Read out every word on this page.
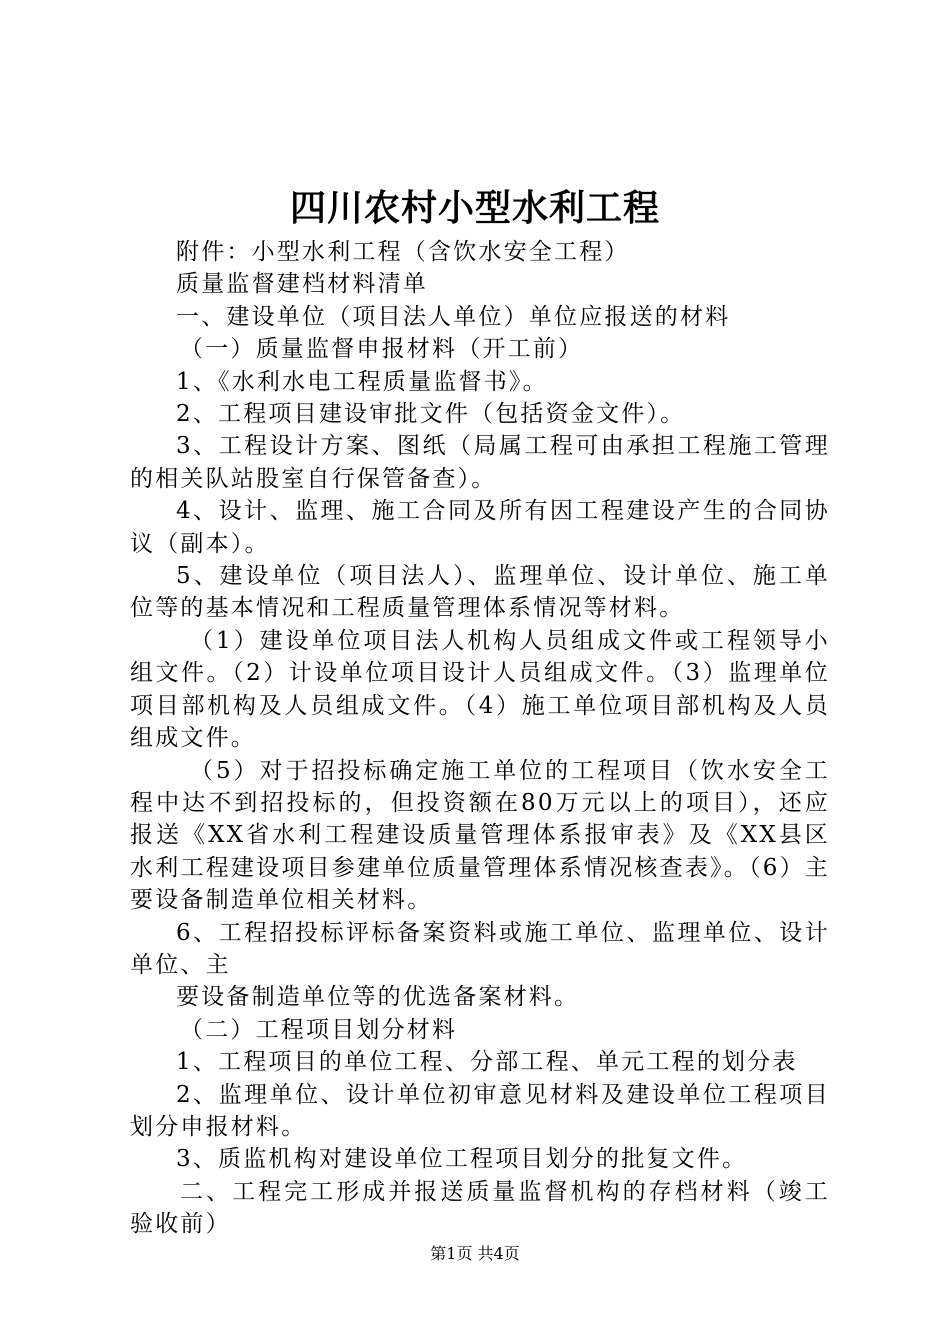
四川农村小型水利工程

附件：小型水利工程（含饮水安全工程）

质量监督建档材料清单

一、建设单位（项目法人单位）单位应报送的材料

（一）质量监督申报材料（开工前）

1、《水利水电工程质量监督书》。

2、工程项目建设审批文件（包括资金文件）。

3、工程设计方案、图纸（局属工程可由承担工程施工管理的相关队站股室自行保管备查）。

4、设计、监理、施工合同及所有因工程建设产生的合同协议（副本）。

5、建设单位（项目法人）、监理单位、设计单位、施工单位等的基本情况和工程质量管理体系情况等材料。

（1）建设单位项目法人机构人员组成文件或工程领导小组文件。（2）计设单位项目设计人员组成文件。（3）监理单位项目部机构及人员组成文件。（4）施工单位项目部机构及人员组成文件。

（5）对于招投标确定施工单位的工程项目（饮水安全工程中达不到招投标的，但投资额在80万元以上的项目），还应报送《XX省水利工程建设质量管理体系报审表》及《XX县区水利工程建设项目参建单位质量管理体系情况核查表》。（6）主要设备制造单位相关材料。

6、工程招投标评标备案资料或施工单位、监理单位、设计单位、主

要设备制造单位等的优选备案材料。

（二）工程项目划分材料

1、工程项目的单位工程、分部工程、单元工程的划分表

2、监理单位、设计单位初审意见材料及建设单位工程项目划分申报材料。

3、质监机构对建设单位工程项目划分的批复文件。

二、工程完工形成并报送质量监督机构的存档材料（竣工验收前）

第1页 共4页
